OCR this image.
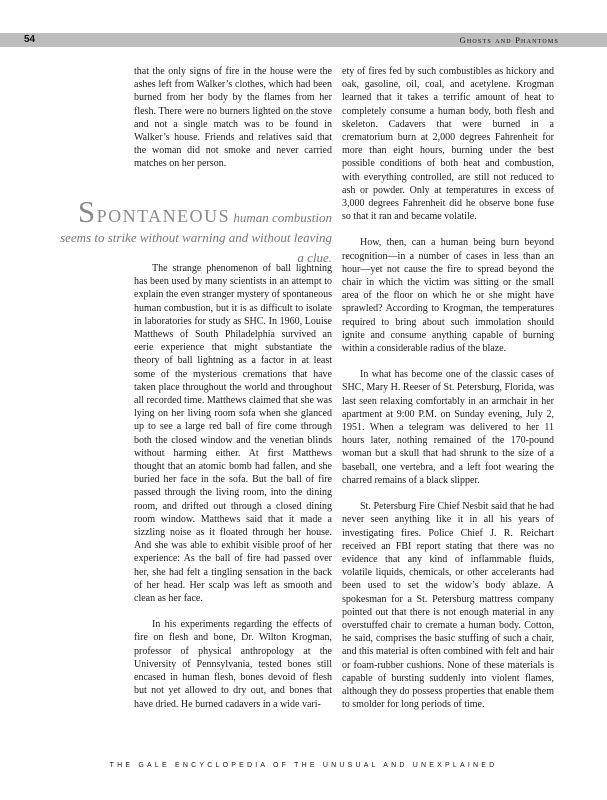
54	Ghosts and Phantoms

that the only signs of fire in the house were the ashes left from Walker’s clothes, which had been burned from her body by the flames from her flesh. There were no burners lighted on the stove and not a single match was to be found in Walker’s house. Friends and relatives said that the woman did not smoke and never carried matches on her person.

Spontaneous human combustion seems to strike without warning and without leaving a clue.

The strange phenomenon of ball lightning has been used by many scientists in an attempt to explain the even stranger mystery of spontaneous human combustion, but it is as difficult to isolate in laboratories for study as SHC. In 1960, Louise Matthews of South Philadelphia survived an eerie experience that might substantiate the theory of ball lightning as a factor in at least some of the mysterious cremations that have taken place throughout the world and throughout all recorded time. Matthews claimed that she was lying on her living room sofa when she glanced up to see a large red ball of fire come through both the closed window and the venetian blinds without harming either. At first Matthews thought that an atomic bomb had fallen, and she buried her face in the sofa. But the ball of fire passed through the living room, into the dining room, and drifted out through a closed dining room window. Matthews said that it made a sizzling noise as it floated through her house. And she was able to exhibit visible proof of her experience: As the ball of fire had passed over her, she had felt a tingling sensation in the back of her head. Her scalp was left as smooth and clean as her face.

In his experiments regarding the effects of fire on flesh and bone, Dr. Wilton Krogman, professor of physical anthropology at the University of Pennsylvania, tested bones still encased in human flesh, bones devoid of flesh but not yet allowed to dry out, and bones that have dried. He burned cadavers in a wide vari-

ety of fires fed by such combustibles as hickory and oak, gasoline, oil, coal, and acetylene. Krogman learned that it takes a terrific amount of heat to completely consume a human body, both flesh and skeleton. Cadavers that were burned in a crematorium burn at 2,000 degrees Fahrenheit for more than eight hours, burning under the best possible conditions of both heat and combustion, with everything controlled, are still not reduced to ash or powder. Only at temperatures in excess of 3,000 degrees Fahrenheit did he observe bone fuse so that it ran and became volatile.

How, then, can a human being burn beyond recognition—in a number of cases in less than an hour—yet not cause the fire to spread beyond the chair in which the victim was sitting or the small area of the floor on which he or she might have sprawled? According to Krogman, the temperatures required to bring about such immolation should ignite and consume anything capable of burning within a considerable radius of the blaze.

In what has become one of the classic cases of SHC, Mary H. Reeser of St. Petersburg, Florida, was last seen relaxing comfortably in an armchair in her apartment at 9:00 P.M. on Sunday evening, July 2, 1951. When a telegram was delivered to her 11 hours later, nothing remained of the 170-pound woman but a skull that had shrunk to the size of a baseball, one vertebra, and a left foot wearing the charred remains of a black slipper.

St. Petersburg Fire Chief Nesbit said that he had never seen anything like it in all his years of investigating fires. Police Chief J. R. Reichart received an FBI report stating that there was no evidence that any kind of inflammable fluids, volatile liquids, chemicals, or other accelerants had been used to set the widow’s body ablaze. A spokesman for a St. Petersburg mattress company pointed out that there is not enough material in any overstuffed chair to cremate a human body. Cotton, he said, comprises the basic stuffing of such a chair, and this material is often combined with felt and hair or foam-rubber cushions. None of these materials is capable of bursting suddenly into violent flames, although they do possess properties that enable them to smolder for long periods of time.

THE GALE ENCYCLOPEDIA OF THE UNUSUAL AND UNEXPLAINED
